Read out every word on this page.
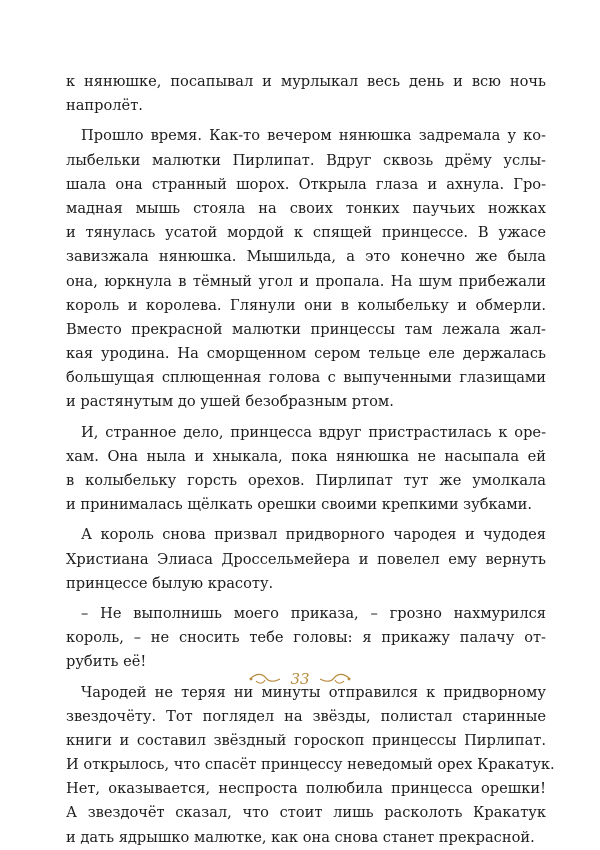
к нянюшке, посапывал и мурлыкал весь день и всю ночь
напролёт.
Прошло время. Как-то вечером нянюшка задремала у ко-
лыбельки малютки Пирлипат. Вдруг сквозь дрёму услы-
шала она странный шорох. Открыла глаза и ахнула. Гро-
мадная мышь стояла на своих тонких паучьих ножках
и тянулась усатой мордой к спящей принцессе. В ужасе
завизжала нянюшка. Мышильда, а это конечно же была
она, юркнула в тёмный угол и пропала. На шум прибежали
король и королева. Глянули они в колыбельку и обмерли.
Вместо прекрасной малютки принцессы там лежала жал-
кая уродина. На сморщенном сером тельце еле держалась
большущая сплющенная голова с выпученными глазищами
и растянутым до ушей безобразным ртом.
И, странное дело, принцесса вдруг пристрастилась к оре-
хам. Она ныла и хныкала, пока нянюшка не насыпала ей
в колыбельку горсть орехов. Пирлипат тут же умолкала
и принималась щёлкать орешки своими крепкими зубками.
А король снова призвал придворного чародея и чудодея
Христиана Элиаса Дроссельмейера и повелел ему вернуть
принцессе былую красоту.
– Не выполнишь моего приказа, – грозно нахмурился
король, – не сносить тебе головы: я прикажу палачу от-
рубить её!
Чародей не теряя ни минуты отправился к придворному
звездочёту. Тот поглядел на звёзды, полистал старинные
книги и составил звёздный гороскоп принцессы Пирлипат.
И открылось, что спасёт принцессу неведомый орех Кракатук.
Нет, оказывается, неспроста полюбила принцесса орешки!
А звездочёт сказал, что стоит лишь расколоть Кракатук
и дать ядрышко малютке, как она снова станет прекрасной.
33
